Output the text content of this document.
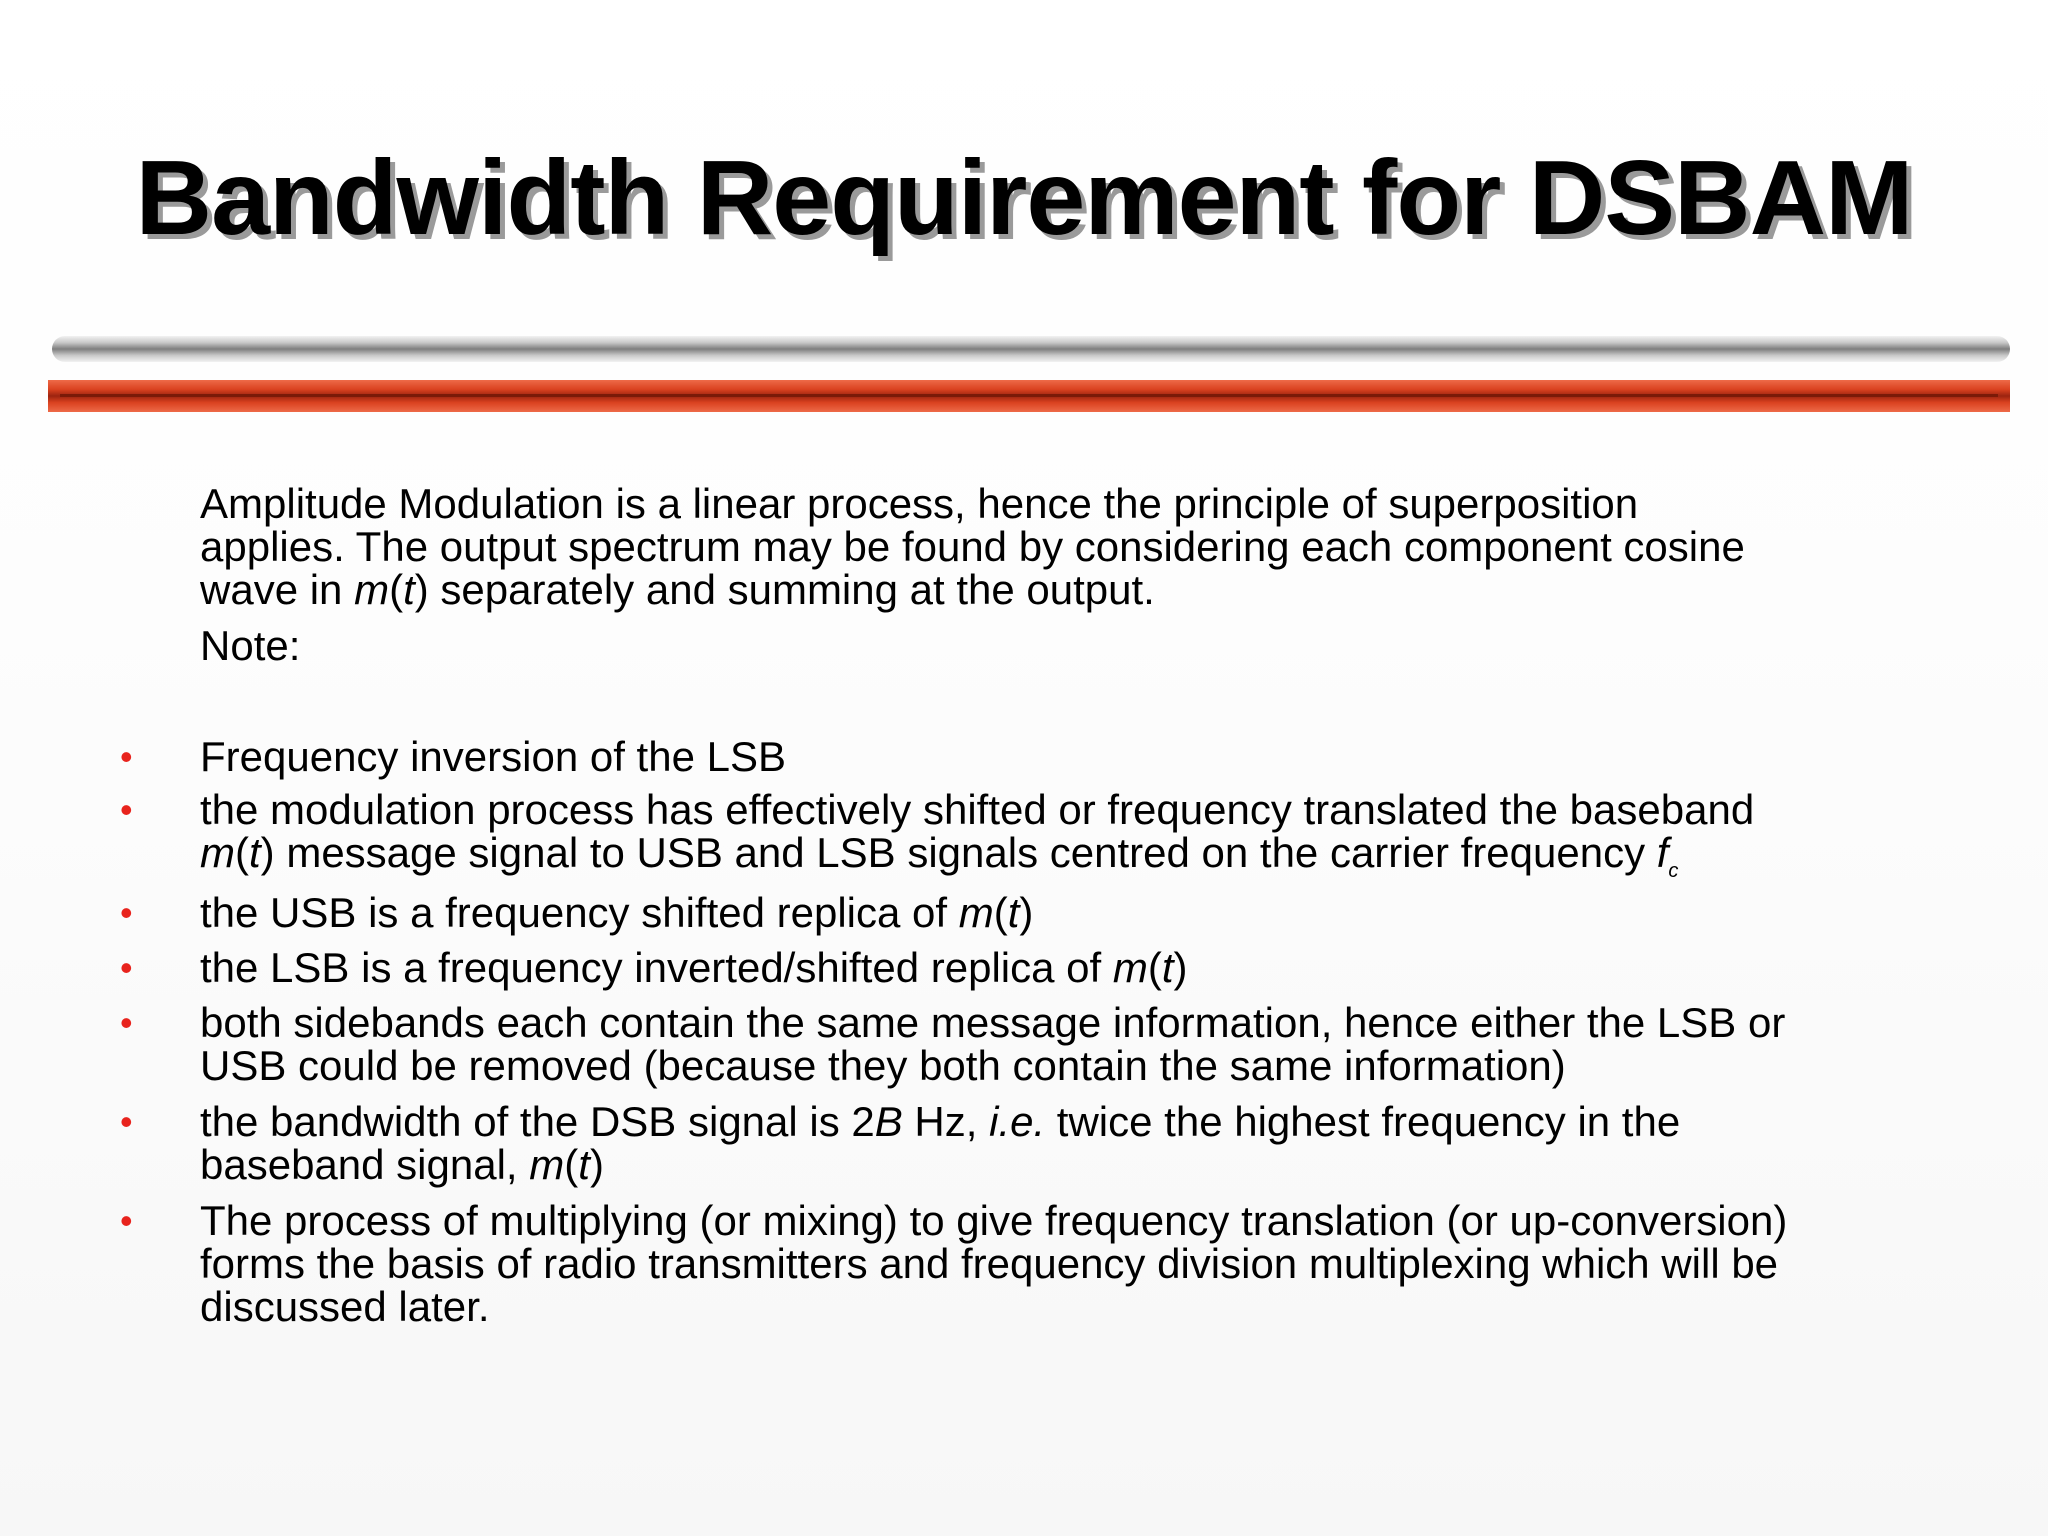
Bandwidth Requirement for DSBAM
Amplitude Modulation is a linear process, hence the principle of superposition
applies. The output spectrum may be found by considering each component cosine
wave in m(t) separately and summing at the output.
Note:
• Frequency inversion of the LSB
• the modulation process has effectively shifted or frequency translated the baseband
m(t) message signal to USB and LSB signals centred on the carrier frequency $f_c$
• the USB is a frequency shifted replica of m(t)
• the LSB is a frequency inverted/shifted replica of m(t)
• both sidebands each contain the same message information, hence either the LSB or
USB could be removed (because they both contain the same information)
• the bandwidth of the DSB signal is 2B Hz, i.e. twice the highest frequency in the
baseband signal, m(t)
• The process of multiplying (or mixing) to give frequency translation (or up-conversion)
forms the basis of radio transmitters and frequency division multiplexing which will be
discussed later.
